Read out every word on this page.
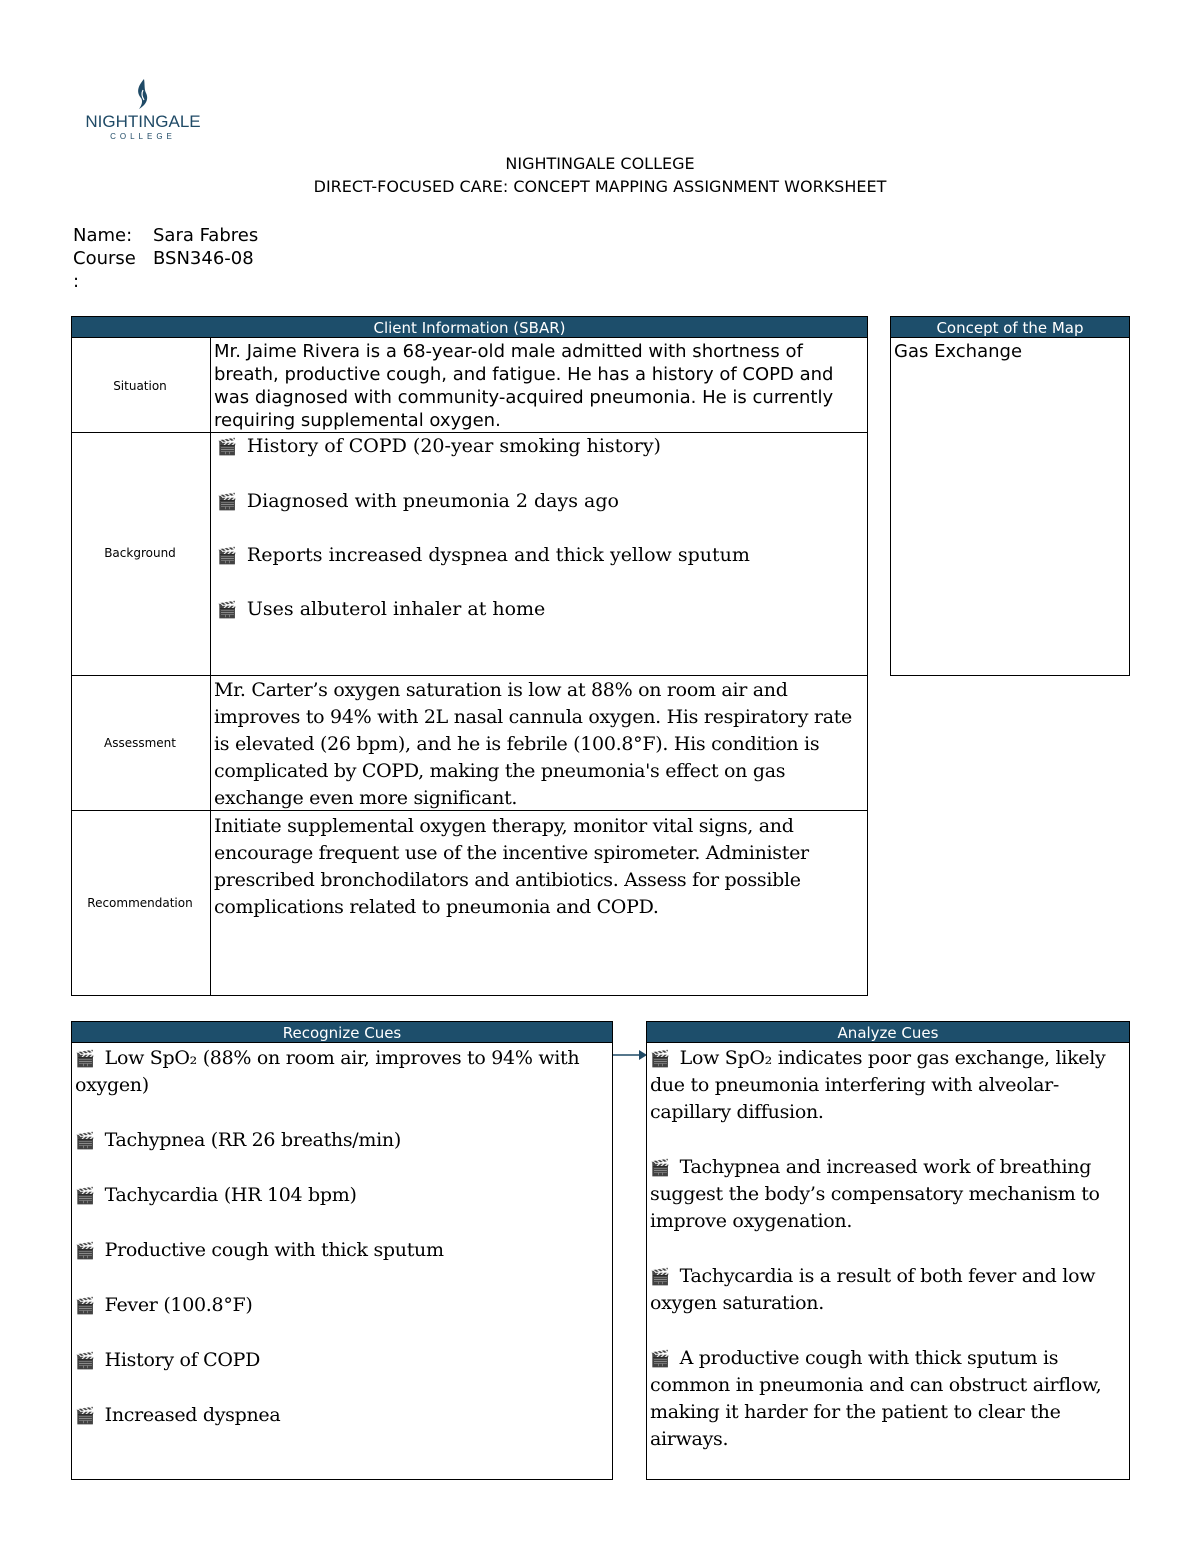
NIGHTINGALE
COLLEGE
NIGHTINGALE COLLEGE
DIRECT-FOCUSED CARE: CONCEPT MAPPING ASSIGNMENT WORKSHEET
Name: Sara Fabres
Course BSN346-08
:
Client Information (SBAR)
Situation
Mr. Jaime Rivera is a 68-year-old male admitted with shortness of breath, productive cough, and fatigue. He has a history of COPD and was diagnosed with community-acquired pneumonia. He is currently requiring supplemental oxygen.
Background
🎬 History of COPD (20-year smoking history)
🎬 Diagnosed with pneumonia 2 days ago
🎬 Reports increased dyspnea and thick yellow sputum
🎬 Uses albuterol inhaler at home
Assessment
Mr. Carter’s oxygen saturation is low at 88% on room air and improves to 94% with 2L nasal cannula oxygen. His respiratory rate is elevated (26 bpm), and he is febrile (100.8°F). His condition is complicated by COPD, making the pneumonia's effect on gas exchange even more significant.
Recommendation
Initiate supplemental oxygen therapy, monitor vital signs, and encourage frequent use of the incentive spirometer. Administer prescribed bronchodilators and antibiotics. Assess for possible complications related to pneumonia and COPD.
Concept of the Map
Gas Exchange
Recognize Cues
🎬 Low SpO₂ (88% on room air, improves to 94% with oxygen)
🎬 Tachypnea (RR 26 breaths/min)
🎬 Tachycardia (HR 104 bpm)
🎬 Productive cough with thick sputum
🎬 Fever (100.8°F)
🎬 History of COPD
🎬 Increased dyspnea
Analyze Cues
🎬 Low SpO₂ indicates poor gas exchange, likely due to pneumonia interfering with alveolar-capillary diffusion.
🎬 Tachypnea and increased work of breathing suggest the body’s compensatory mechanism to improve oxygenation.
🎬 Tachycardia is a result of both fever and low oxygen saturation.
🎬 A productive cough with thick sputum is common in pneumonia and can obstruct airflow, making it harder for the patient to clear the airways.
